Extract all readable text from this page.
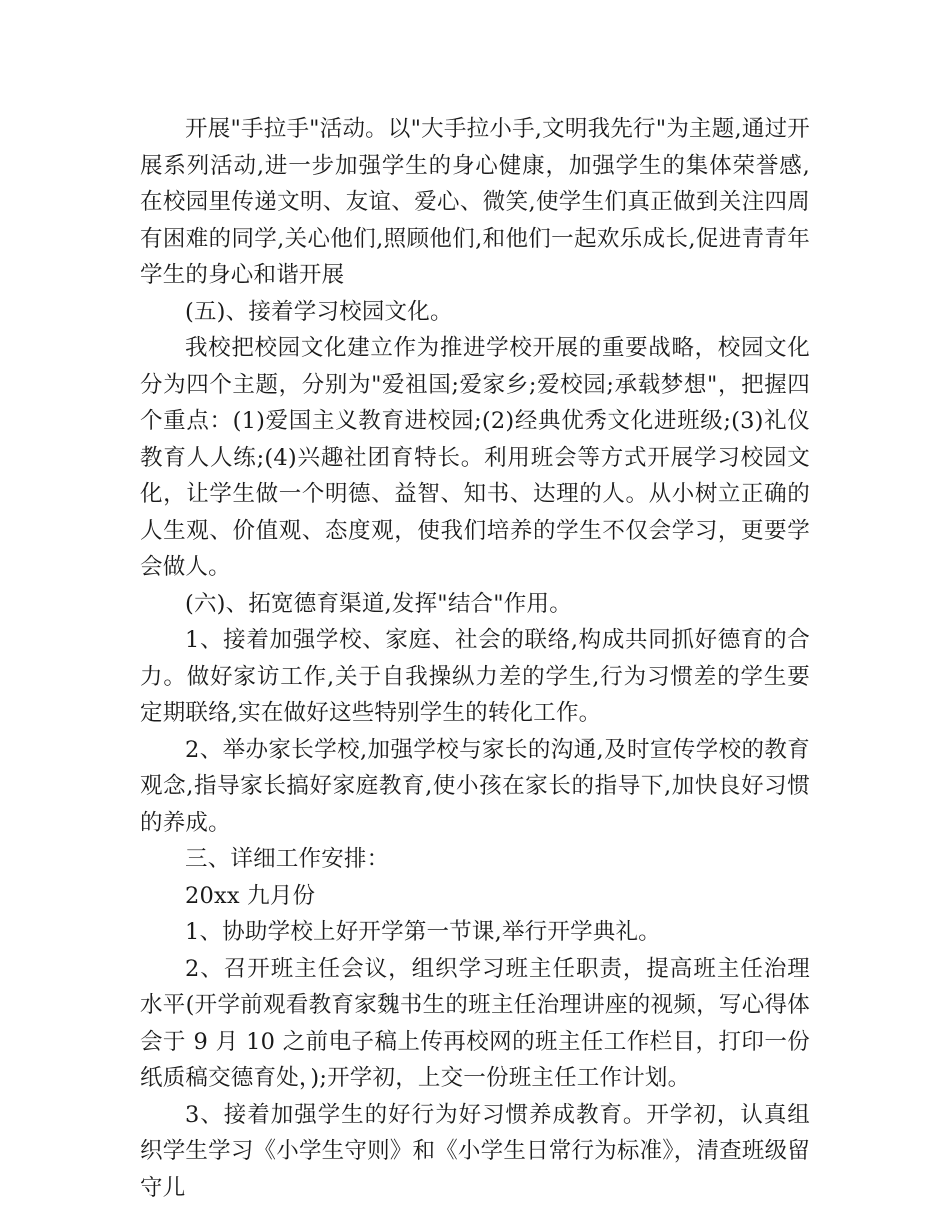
开展"手拉手"活动。以"大手拉小手,文明我先行"为主题,通过开展系列活动,进一步加强学生的身心健康，加强学生的集体荣誉感,在校园里传递文明、友谊、爱心、微笑,使学生们真正做到关注四周有困难的同学,关心他们,照顾他们,和他们一起欢乐成长,促进青青年学生的身心和谐开展

(五)、接着学习校园文化。

我校把校园文化建立作为推进学校开展的重要战略，校园文化分为四个主题，分别为"爱祖国;爱家乡;爱校园;承载梦想"，把握四个重点：(1)爱国主义教育进校园;(2)经典优秀文化进班级;(3)礼仪教育人人练;(4)兴趣社团育特长。利用班会等方式开展学习校园文化，让学生做一个明德、益智、知书、达理的人。从小树立正确的人生观、价值观、态度观，使我们培养的学生不仅会学习，更要学会做人。

(六)、拓宽德育渠道,发挥"结合"作用。

1、接着加强学校、家庭、社会的联络,构成共同抓好德育的合力。做好家访工作,关于自我操纵力差的学生,行为习惯差的学生要定期联络,实在做好这些特别学生的转化工作。

2、举办家长学校,加强学校与家长的沟通,及时宣传学校的教育观念,指导家长搞好家庭教育,使小孩在家长的指导下,加快良好习惯的养成。

三、详细工作安排：

20xx 九月份

1、协助学校上好开学第一节课,举行开学典礼。

2、召开班主任会议，组织学习班主任职责，提高班主任治理水平(开学前观看教育家魏书生的班主任治理讲座的视频，写心得体会于 9 月 10 之前电子稿上传再校网的班主任工作栏目，打印一份纸质稿交德育处，);开学初，上交一份班主任工作计划。

3、接着加强学生的好行为好习惯养成教育。开学初，认真组织学生学习《小学生守则》和《小学生日常行为标准》，清查班级留守儿
